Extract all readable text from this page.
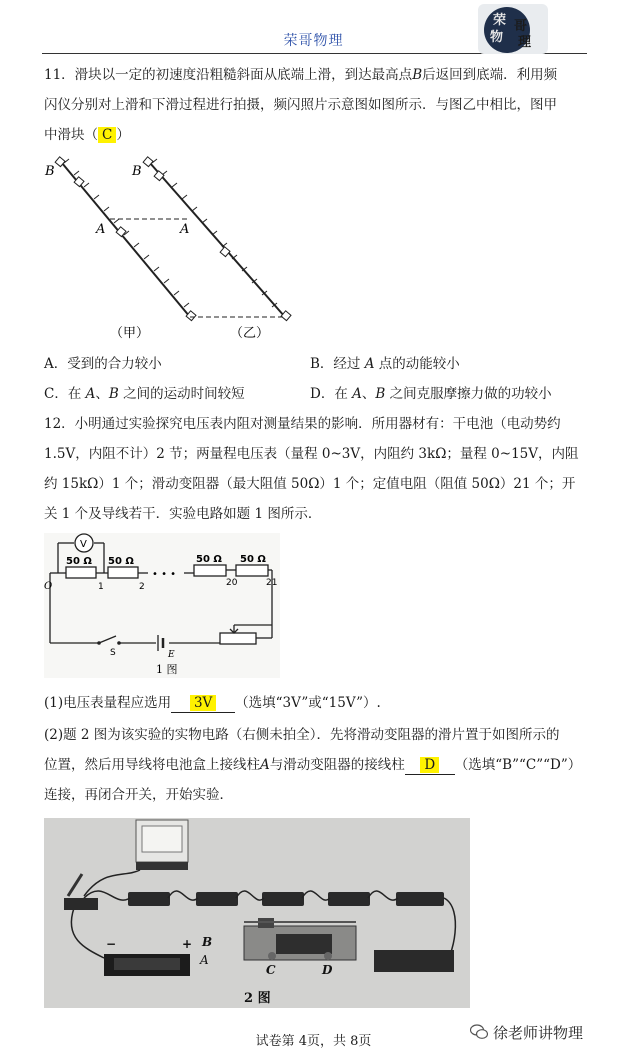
荣哥物理
荣 哥
物 理
11．滑块以一定的初速度沿粗糙斜面从底端上滑，到达最高点B后返回到底端．利用频
闪仪分别对上滑和下滑过程进行拍摄，频闪照片示意图如图所示．与图乙中相比，图甲
中滑块（ C ）
B	B
A	A
（甲）	（乙）
A．受到的合力较小	B．经过 A 点的动能较小
C．在 A、B 之间的运动时间较短	D．在 A、B 之间克服摩擦力做的功较小
12．小明通过实验探究电压表内阻对测量结果的影响．所用器材有：干电池（电动势约
1.5V，内阻不计）2 节；两量程电压表（量程 0~3V，内阻约 3kΩ；量程 0~15V，内阻
约 15kΩ）1 个；滑动变阻器（最大阻值 50Ω）1 个；定值电阻（阻值 50Ω）21 个；开
关 1 个及导线若干．实验电路如题 1 图所示．
V
50 Ω 50 Ω	50 Ω 50 Ω
• • •
1	2	20	21
O
S	E
1 图
(1)电压表量程应选用 3V （选填“3V”或“15V”）.
(2)题 2 图为该实验的实物电路（右侧未拍全）．先将滑动变阻器的滑片置于如图所示的
位置，然后用导线将电池盒上接线柱A与滑动变阻器的接线柱 D （选填“B”“C”“D”）
连接，再闭合开关，开始实验．
B
A
C	D
−	+
2 图
试卷第 4页，共 8页	徐老师讲物理
